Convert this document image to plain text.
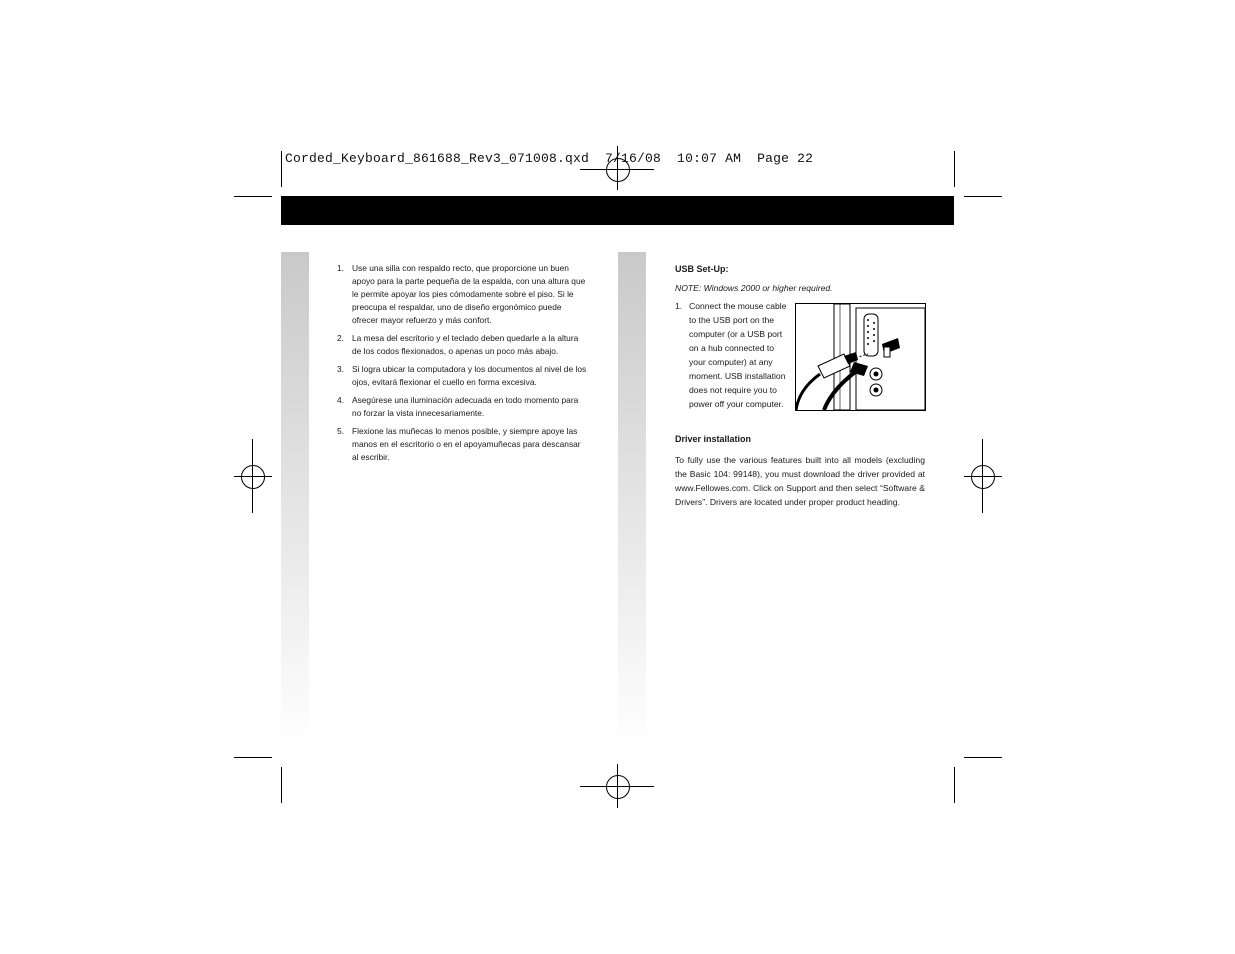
Corded_Keyboard_861688_Rev3_071008.qxd  7/16/08  10:07 AM  Page 22
1. Use una silla con respaldo recto, que proporcione un buen apoyo para la parte pequeña de la espalda, con una altura que le permite apoyar los pies cómodamente sobre el piso. Si le preocupa el respaldar, uno de diseño ergonómico puede ofrecer mayor refuerzo y más confort.
2. La mesa del escritorio y el teclado deben quedarle a la altura de los codos flexionados, o apenas un poco más abajo.
3. Si logra ubicar la computadora y los documentos al nivel de los ojos, evitará flexionar el cuello en forma excesiva.
4. Asegúrese una iluminación adecuada en todo momento para no forzar la vista innecesariamente.
5. Flexione las muñecas lo menos posible, y siempre apoye las manos en el escritorio o en el apoyamuñecas para descansar al escribir.
USB Set-Up:
NOTE: Windows 2000 or higher required.
1. Connect the mouse cable to the USB port on the computer (or a USB port on a hub connected to your computer) at any moment. USB installation does not require you to power off your computer.
Driver installation
To fully use the various features built into all models (excluding the Basic 104: 99148), you must download the driver provided at www.Fellowes.com. Click on Support and then select “Software & Drivers”. Drivers are located under proper product heading.
